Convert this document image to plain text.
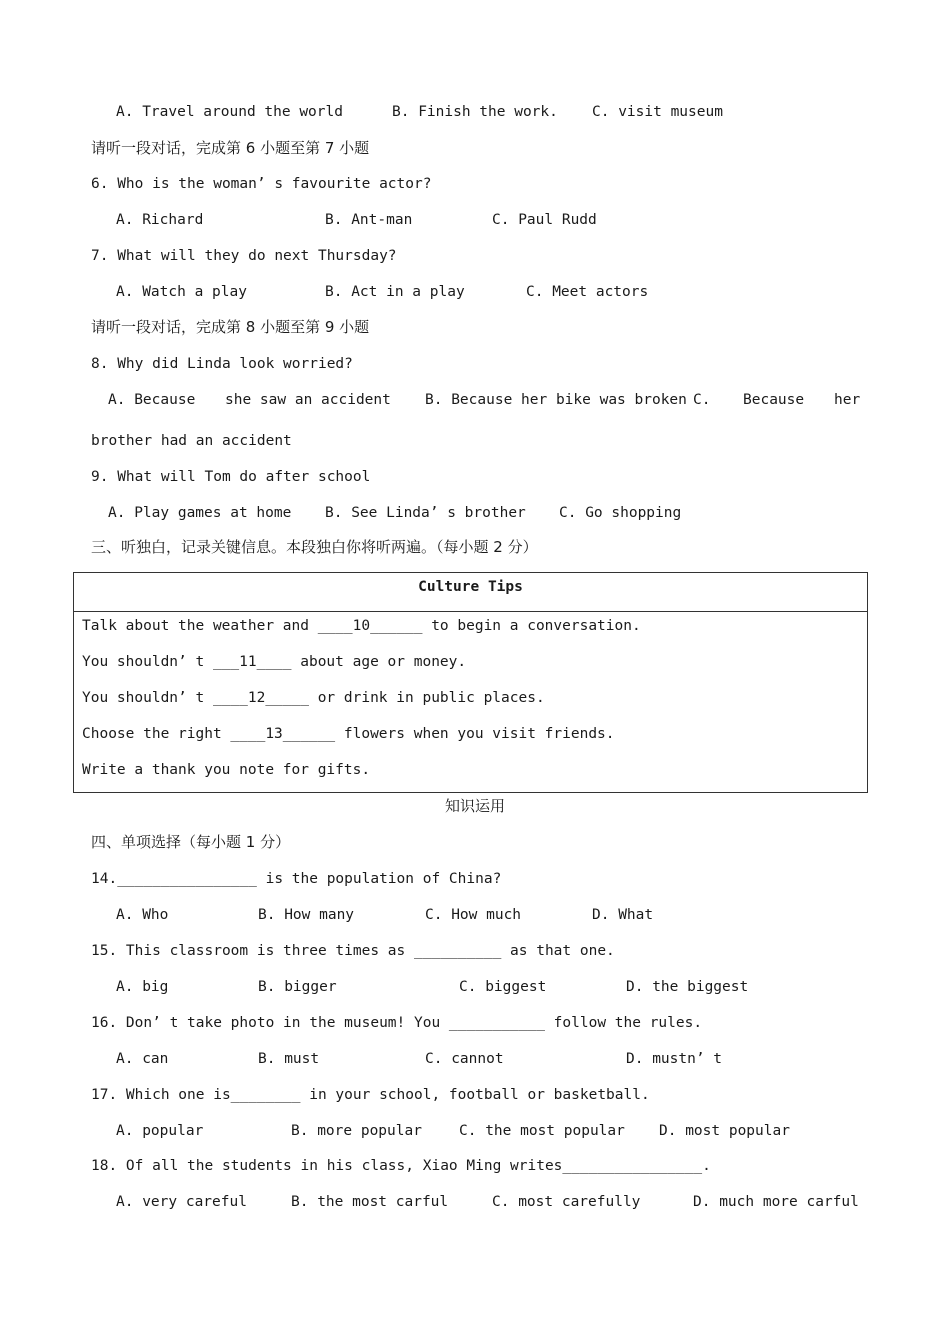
A. Travel around the world	B. Finish the work. C. visit museum
请听一段对话，完成第 6 小题至第 7 小题
6. Who is the woman’ s favourite actor?
A. Richard	B. Ant-man	C. Paul Rudd
7. What will they do next Thursday?
A. Watch a play	B. Act in a play	C. Meet actors
请听一段对话，完成第 8 小题至第 9 小题
8. Why did Linda look worried?
A. Because she saw an accident B. Because her bike was broken C. Because her
brother had an accident
9. What will Tom do after school
A. Play games at home B. See Linda’ s brother C. Go shopping
三、听独白，记录关键信息。本段独白你将听两遍。（每小题 2 分）
Culture Tips
Talk about the weather and ____10______ to begin a conversation.
You shouldn’ t ___11____ about age or money.
You shouldn’ t ____12_____ or drink in public places.
Choose the right ____13______ flowers when you visit friends.
Write a thank you note for gifts.
知识运用
四、单项选择（每小题 1 分）
14.________________ is the population of China?
A. Who	B. How many	C. How much	D. What
15. This classroom is three times as __________ as that one.
A. big	B. bigger	C. biggest	D. the biggest
16. Don’ t take photo in the museum! You ___________ follow the rules.
A. can	B. must	C. cannot	D. mustn’ t
17. Which one is________ in your school, football or basketball.
A. popular	B. more popular	C. the most popular D. most popular
18. Of all the students in his class, Xiao Ming writes________________.
A. very careful	B. the most carful	C. most carefully	D. much more carful
